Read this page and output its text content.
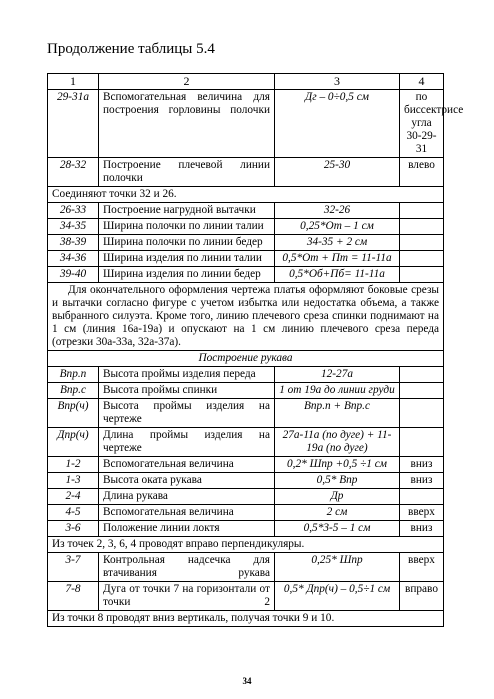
Продолжение таблицы 5.4
1	2	3	4
29-31а	Вспомогательная величина для построения горловины полочки	Дг – 0÷0,5 см	по биссектрисе угла 30-29-31
28-32	Построение плечевой линии полочки	25-30	влево
Соединяют точки 32 и 26.			
26-33	Построение нагрудной вытачки	32-26	
34-35	Ширина полочки по линии талии	0,25*От – 1 см	
38-39	Ширина полочки по линии бедер	34-35 + 2 см	
34-36	Ширина изделия по линии талии	0,5*От + Пт = 11-11а	
39-40	Ширина изделия по линии бедер	0,5*Об+Пб= 11-11а	
Для окончательного оформления чертежа платья оформляют боковые срезы и вытачки согласно фигуре с учетом избытка или недостатка объема, а также выбранного силуэта. Кроме того, линию плечевого среза спинки поднимают на 1 см (линия 16а-19а) и опускают на 1 см линию плечевого среза переда (отрезки 30а-33а, 32а-37а).			
Построение рукава			
Впр.п	Высота проймы изделия переда	12-27а	
Впр.с	Высота проймы спинки	1 от 19а до линии груди	
Впр(ч)	Высота проймы изделия на чертеже	Впр.п + Впр.с	
Дпр(ч)	Длина проймы изделия на чертеже	27а-11а (по дуге) + 11-19а (по дуге)	
1-2	Вспомогательная величина	0,2* Шпр +0,5 ÷1 см	вниз
1-3	Высота оката рукава	0,5* Впр	вниз
2-4	Длина рукава	Др	
4-5	Вспомогательная величина	2 см	вверх
3-6	Положение линии локтя	0,5*3-5 – 1 см	вниз
Из точек 2, 3, 6, 4 проводят вправо перпендикуляры.			
3-7	Контрольная надсечка для втачивания рукава	0,25* Шпр	вверх
7-8	Дуга от точки 7 на горизонтали от точки 2	0,5* Дпр(ч) – 0,5÷1 см	вправо
Из точки 8 проводят вниз вертикаль, получая точки 9 и 10.			
34
